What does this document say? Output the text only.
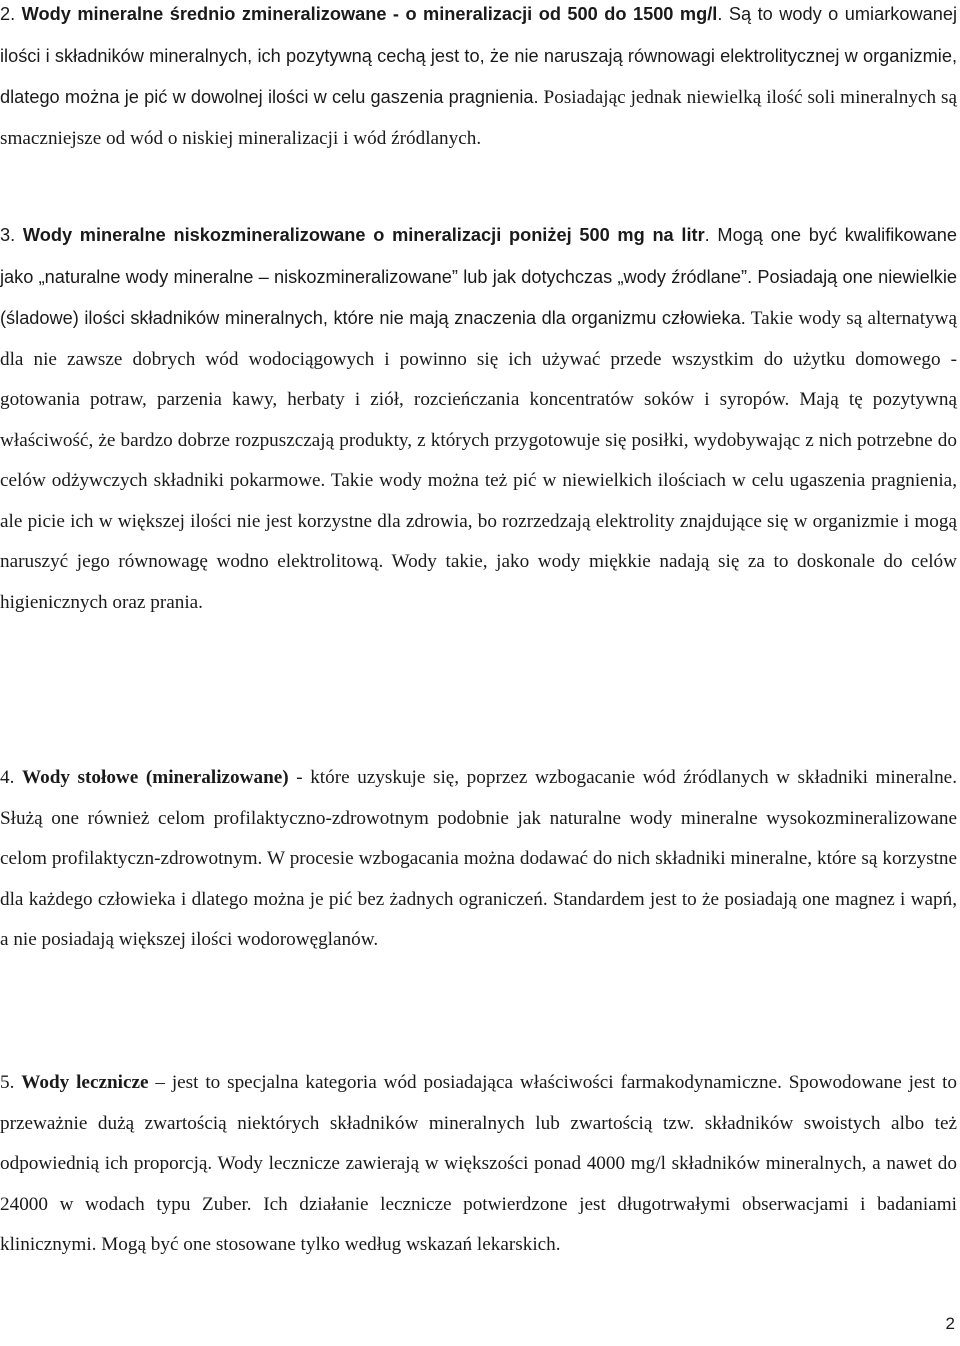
2. Wody mineralne średnio zmineralizowane - o mineralizacji od 500 do 1500 mg/l. Są to wody o umiarkowanej ilości i składników mineralnych, ich pozytywną cechą jest to, że nie naruszają równowagi elektrolitycznej w organizmie, dlatego można je pić w dowolnej ilości w celu gaszenia pragnienia. Posiadając jednak niewielką ilość soli mineralnych są smaczniejsze od wód o niskiej mineralizacji i wód źródlanych.

3. Wody mineralne niskozmineralizowane o mineralizacji poniżej 500 mg na litr. Mogą one być kwalifikowane jako „naturalne wody mineralne – niskozmineralizowane” lub jak dotychczas „wody źródlane”. Posiadają one niewielkie (śladowe) ilości składników mineralnych, które nie mają znaczenia dla organizmu człowieka. Takie wody są alternatywą dla nie zawsze dobrych wód wodociągowych i powinno się ich używać przede wszystkim do użytku domowego - gotowania potraw, parzenia kawy, herbaty i ziół, rozcieńczania koncentratów soków i syropów. Mają tę pozytywną właściwość, że bardzo dobrze rozpuszczają produkty, z których przygotowuje się posiłki, wydobywając z nich potrzebne do celów odżywczych składniki pokarmowe. Takie wody można też pić w niewielkich ilościach w celu ugaszenia pragnienia, ale picie ich w większej ilości nie jest korzystne dla zdrowia, bo rozrzedzają elektrolity znajdujące się w organizmie i mogą naruszyć jego równowagę wodno elektrolitową. Wody takie, jako wody miękkie nadają się za to doskonale do celów higienicznych oraz prania.

4. Wody stołowe (mineralizowane) - które uzyskuje się, poprzez wzbogacanie wód źródlanych w składniki mineralne. Służą one również celom profilaktyczno-zdrowotnym podobnie jak naturalne wody mineralne wysokozmineralizowane celom profilaktyczn-zdrowotnym. W procesie wzbogacania można dodawać do nich składniki mineralne, które są korzystne dla każdego człowieka i dlatego można je pić bez żadnych ograniczeń. Standardem jest to że posiadają one magnez i wapń, a nie posiadają większej ilości wodorowęglanów.

5. Wody lecznicze – jest to specjalna kategoria wód posiadająca właściwości farmakodynamiczne. Spowodowane jest to przeważnie dużą zwartością niektórych składników mineralnych lub zwartością tzw. składników swoistych albo też odpowiednią ich proporcją. Wody lecznicze zawierają w większości ponad 4000 mg/l składników mineralnych, a nawet do 24000 w wodach typu Zuber. Ich działanie lecznicze potwierdzone jest długotrwałymi obserwacjami i badaniami klinicznymi. Mogą być one stosowane tylko według wskazań lekarskich.

2
